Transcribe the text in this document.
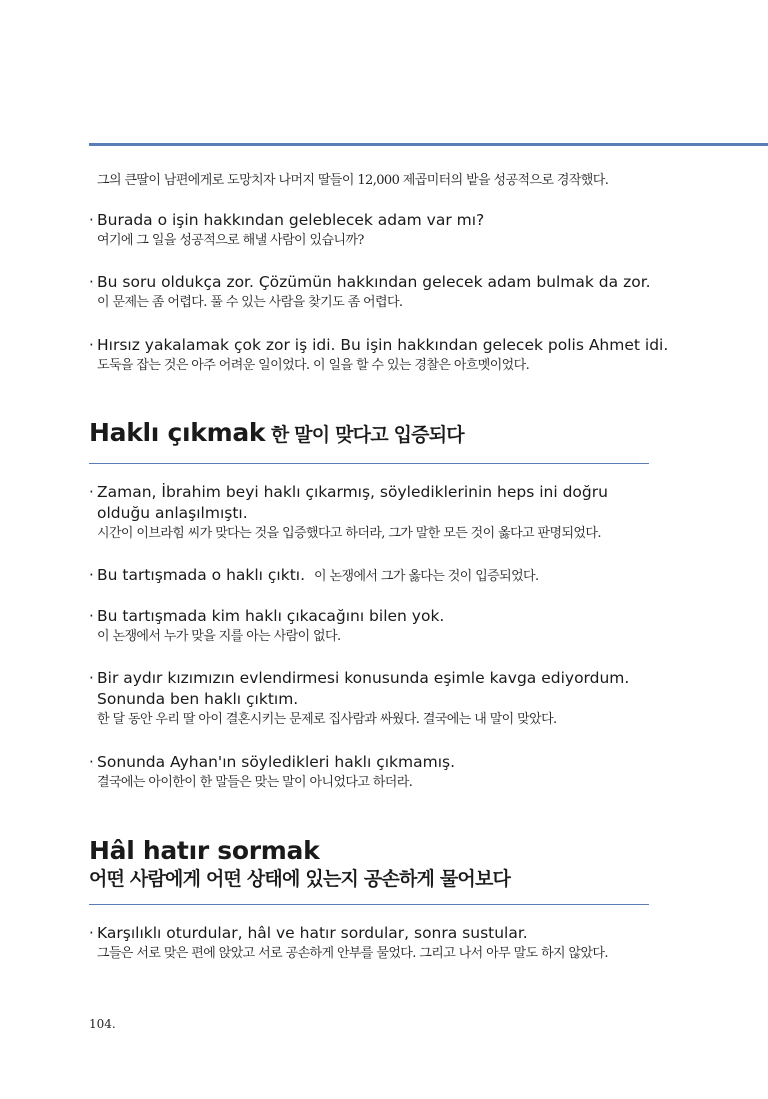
그의 큰딸이 남편에게로 도망치자 나머지 딸들이 12,000 제곱미터의 밭을 성공적으로 경작했다.
· Burada o işin hakkından geleblecek adam var mı?
여기에 그 일을 성공적으로 해낼 사람이 있습니까?
· Bu soru oldukça zor. Çözümün hakkından gelecek adam bulmak da zor.
이 문제는 좀 어렵다. 풀 수 있는 사람을 찾기도 좀 어렵다.
· Hırsız yakalamak çok zor iş idi. Bu işin hakkından gelecek polis Ahmet idi.
도둑을 잡는 것은 아주 어려운 일이었다. 이 일을 할 수 있는 경찰은 아흐멧이었다.
Haklı çıkmak 한 말이 맞다고 입증되다
· Zaman, İbrahim beyi haklı çıkarmış, söylediklerinin heps ini doğru olduğu anlaşılmıştı.
시간이 이브라힘 씨가 맞다는 것을 입증했다고 하더라, 그가 말한 모든 것이 옳다고 판명되었다.
· Bu tartışmada o haklı çıktı. 이 논쟁에서 그가 옳다는 것이 입증되었다.
· Bu tartışmada kim haklı çıkacağını bilen yok.
이 논쟁에서 누가 맞을 지를 아는 사람이 없다.
· Bir aydır kızımızın evlendirmesi konusunda eşimle kavga ediyordum. Sonunda ben haklı çıktım.
한 달 동안 우리 딸 아이 결혼시키는 문제로 집사람과 싸웠다. 결국에는 내 말이 맞았다.
· Sonunda Ayhan'ın söyledikleri haklı çıkmamış.
결국에는 아이한이 한 말들은 맞는 말이 아니었다고 하더라.
Hâl hatır sormak
어떤 사람에게 어떤 상태에 있는지 공손하게 물어보다
· Karşılıklı oturdular, hâl ve hatır sordular, sonra sustular.
그들은 서로 맞은 편에 앉았고 서로 공손하게 안부를 물었다. 그리고 나서 아무 말도 하지 않았다.
104.
